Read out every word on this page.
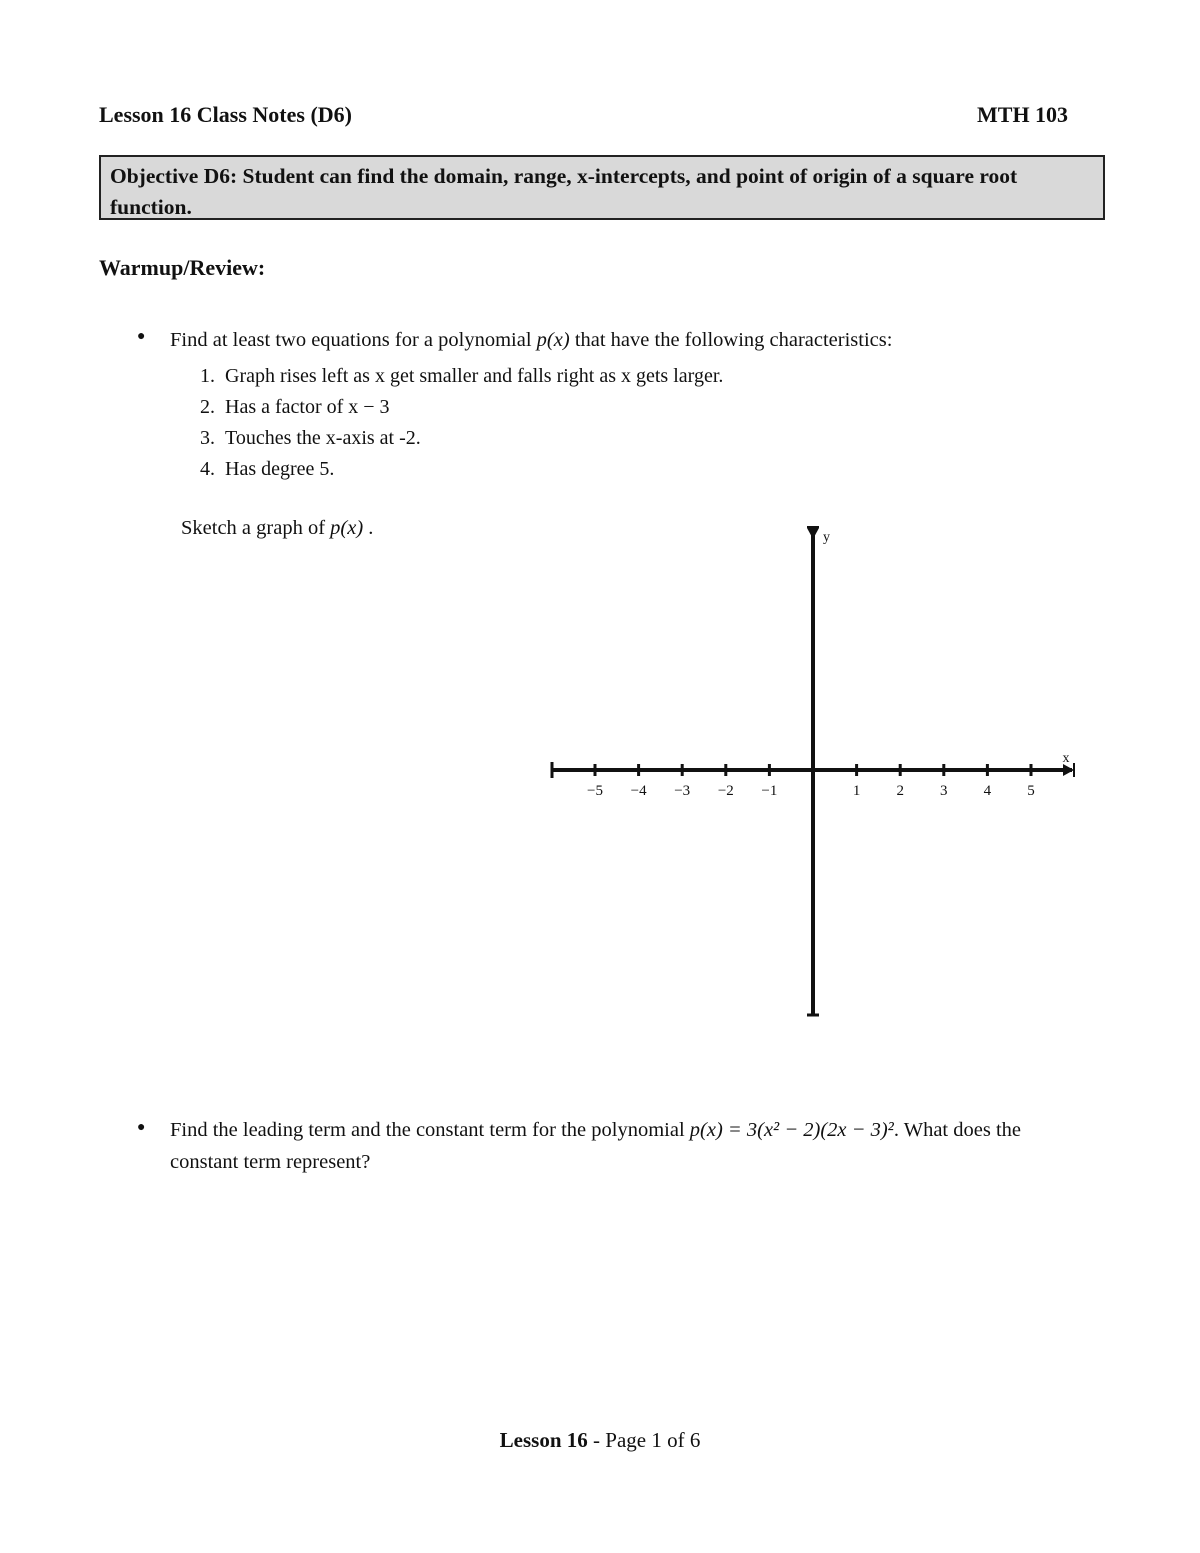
Lesson 16 Class Notes (D6)	MTH 103
Objective D6: Student can find the domain, range, x-intercepts, and point of origin of a square root function.
Warmup/Review:
● Find at least two equations for a polynomial p(x) that have the following characteristics:
1.
Graph rises left as x get smaller and falls right as x gets larger.
2.
Has a factor of x − 3
3.
Touches the x-axis at -2.
4.
Has degree 5.
Sketch a graph of p(x) .
−5 −4 −3 −2 −1	1 2 3 4 5
x
y
● Find the leading term and the constant term for the polynomial p(x) = 3(x² − 2)(2x − 3)². What does the constant term represent?
Lesson 16 - Page 1 of 6
